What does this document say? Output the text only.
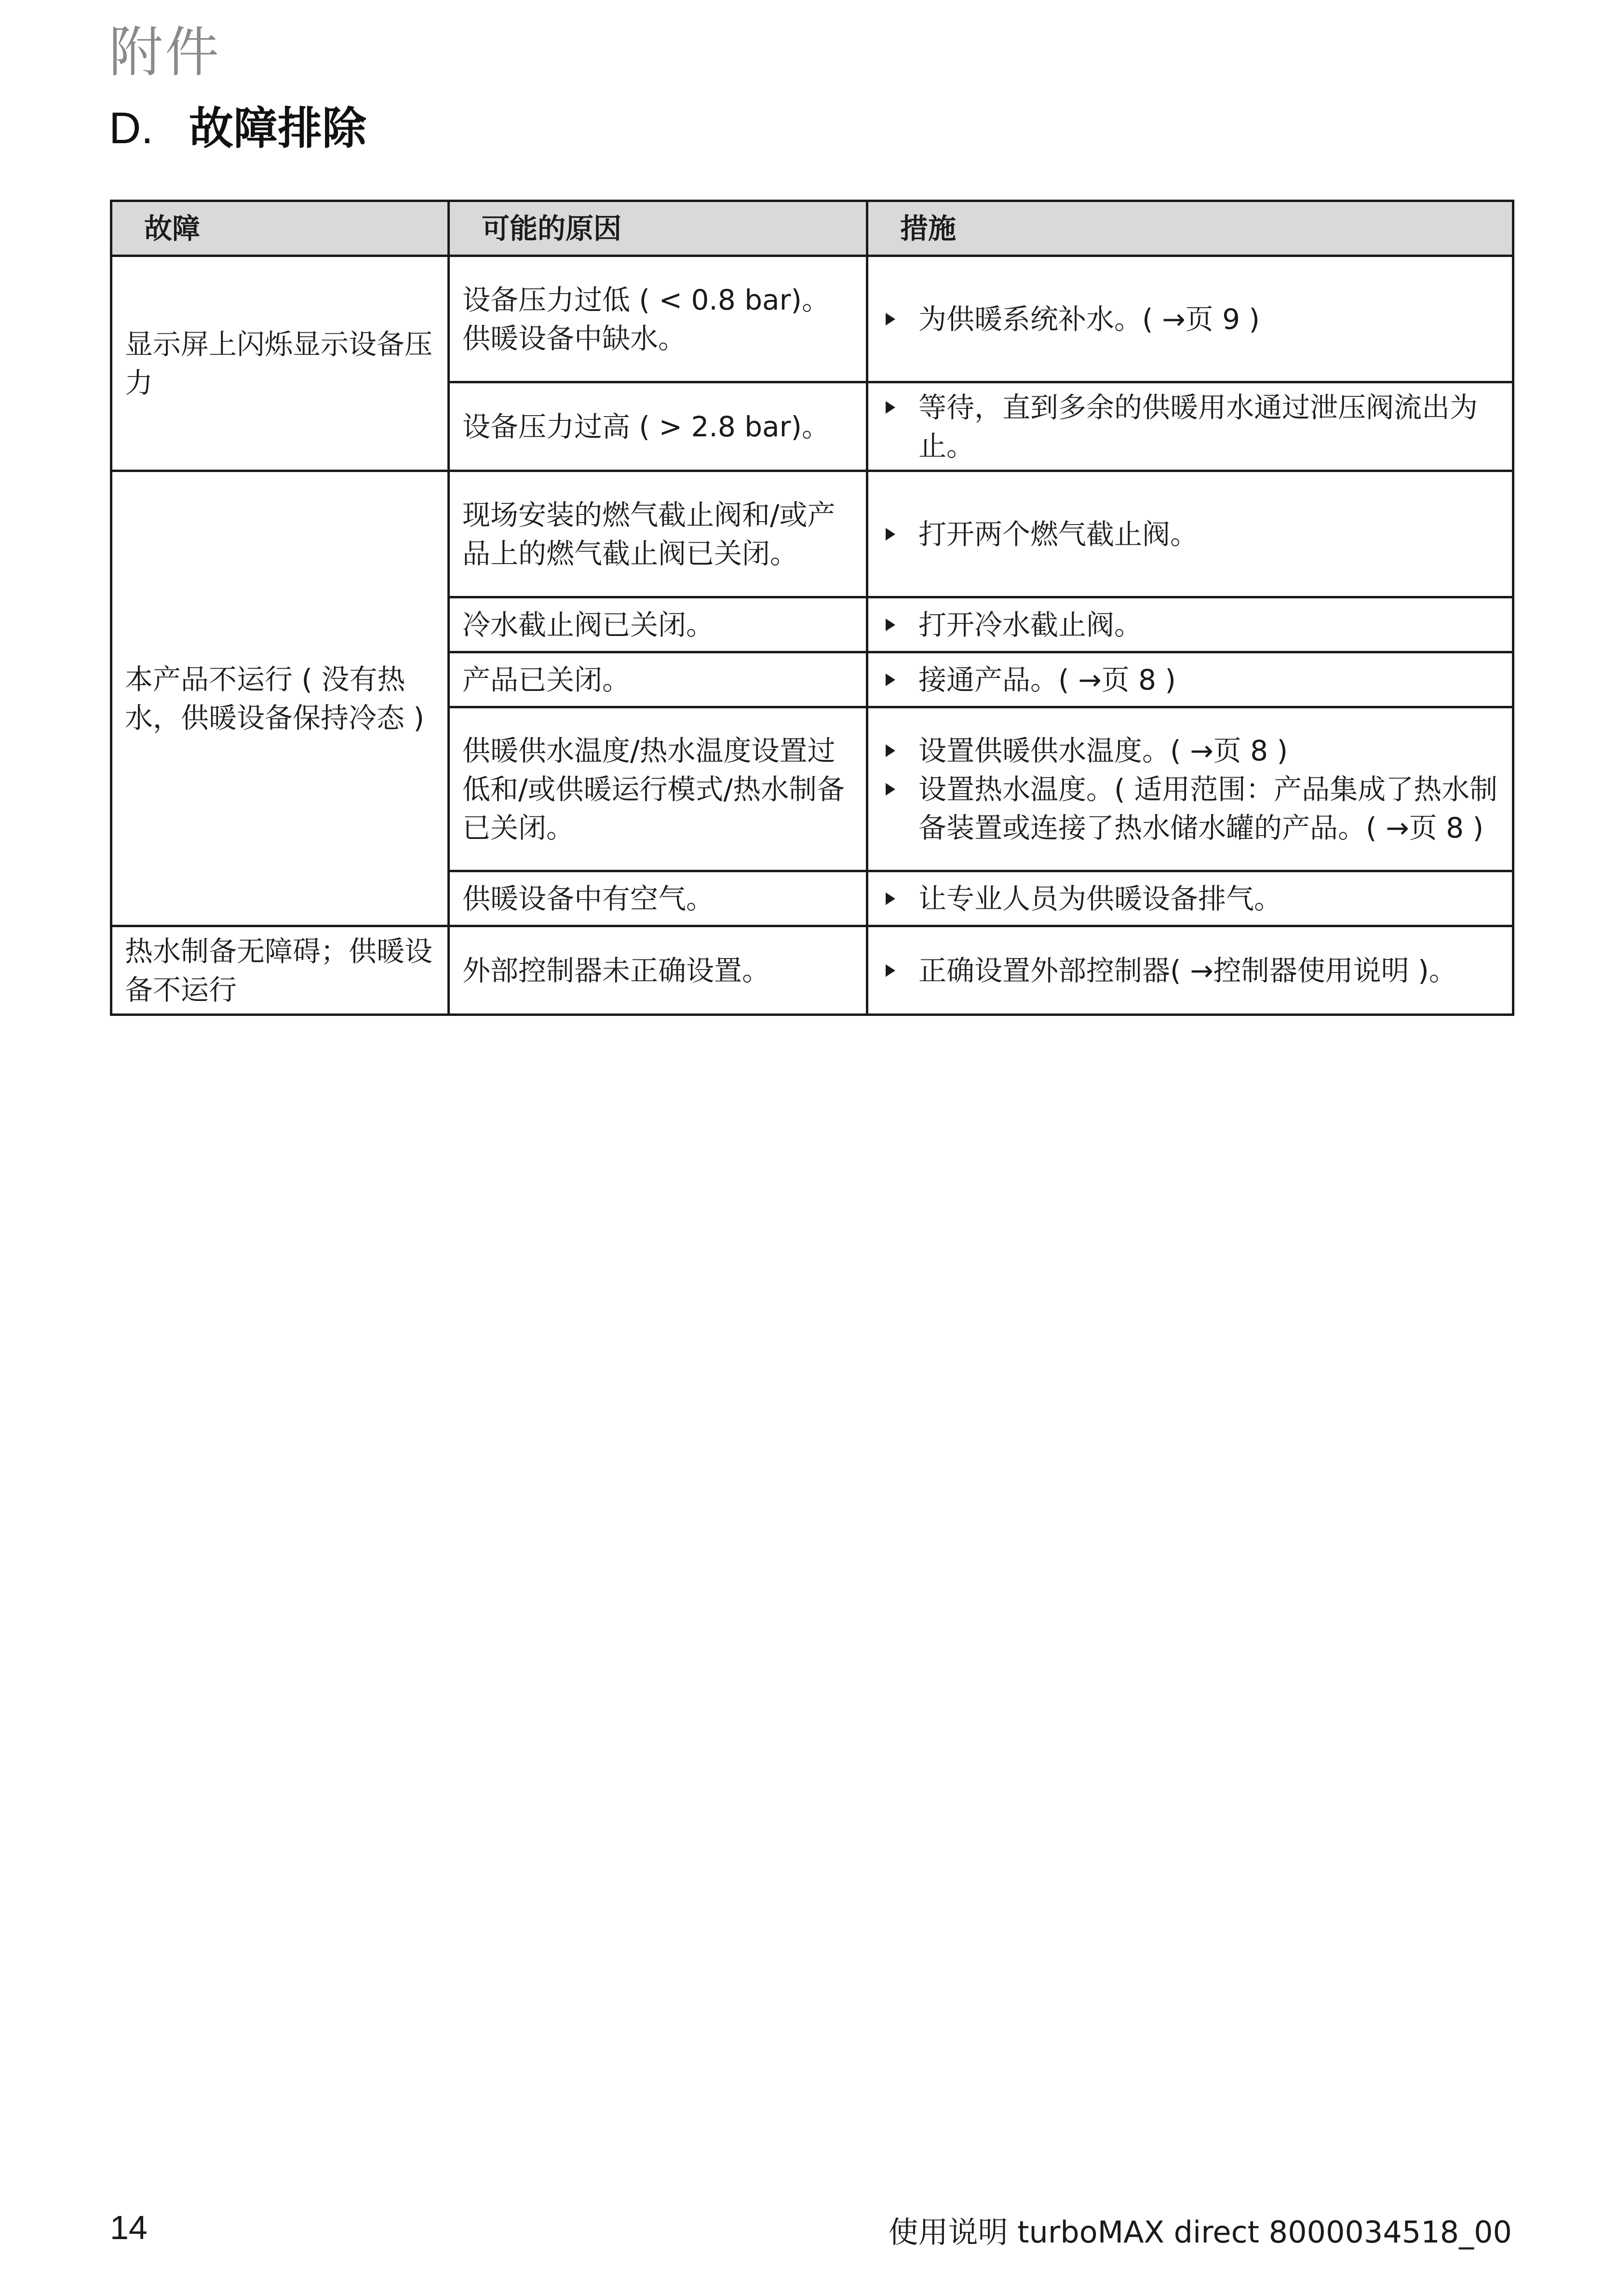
附件
D. 故障排除
故障	可能的原因	措施
显示屏上闪烁显示设备压力	设备压力过低 ( < 0.8 bar)。供暖设备中缺水。	为供暖系统补水。( →页 9 )

	设备压力过高 ( > 2.8 bar)。	等待，直到多余的供暖用水通过泄压阀流出为止。

本产品不运行 ( 没有热水，供暖设备保持冷态 )	现场安装的燃气截止阀和/或产品上的燃气截止阀已关闭。	打开两个燃气截止阀。

	冷水截止阀已关闭。	打开冷水截止阀。

	产品已关闭。	接通产品。( →页 8 )

	供暖供水温度/热水温度设置过低和/或供暖运行模式/热水制备已关闭。	设置供暖供水温度。( →页 8 )
设置热水温度。( 适用范围：产品集成了热水制备装置或连接了热水储水罐的产品。( →页 8 )

	供暖设备中有空气。	让专业人员为供暖设备排气。

热水制备无障碍；供暖设备不运行	外部控制器未正确设置。	正确设置外部控制器( →控制器使用说明 )。
14	使用说明 turboMAX direct 8000034518_00
